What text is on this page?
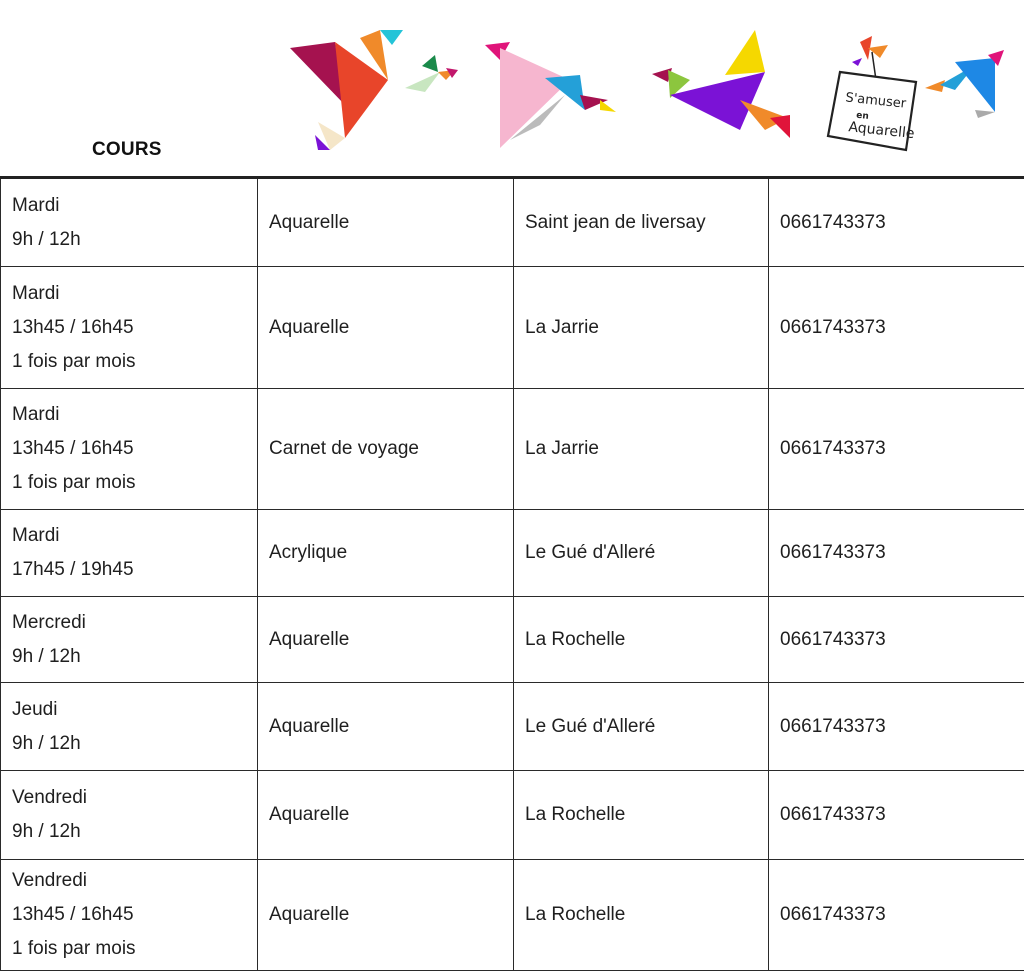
S'amuser
en
Aquarelle
COURS
Mardi
9h / 12h	Aquarelle	Saint jean de liversay	0661743373

Mardi
13h45 / 16h45
1 fois par mois	Aquarelle	La Jarrie	0661743373

Mardi
13h45 / 16h45
1 fois par mois	Carnet de voyage	La Jarrie	0661743373

Mardi
17h45 / 19h45	Acrylique	Le Gué d'Alleré	0661743373

Mercredi
9h / 12h	Aquarelle	La Rochelle	0661743373

Jeudi
9h / 12h	Aquarelle	Le Gué d'Alleré	0661743373

Vendredi
9h / 12h	Aquarelle	La Rochelle	0661743373

Vendredi
13h45 / 16h45
1 fois par mois	Aquarelle	La Rochelle	0661743373
